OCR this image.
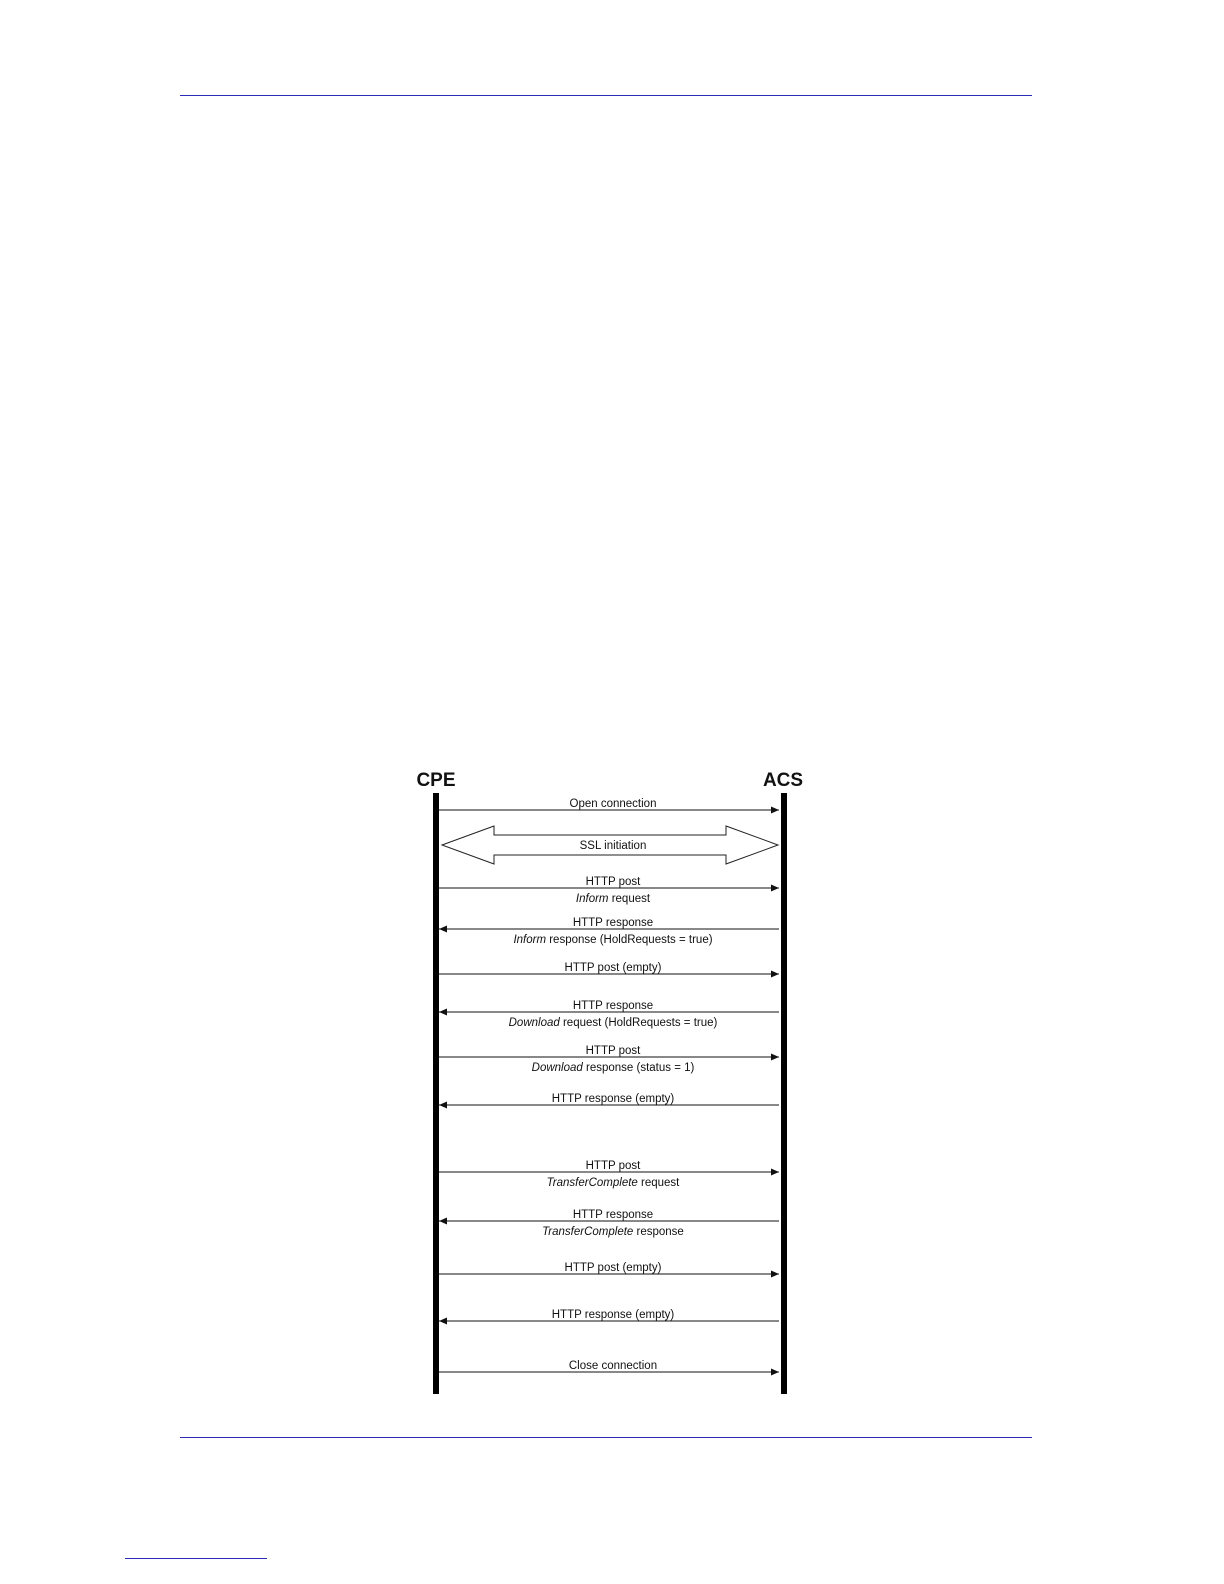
CPE	ACS
Open connection
SSL initiation
HTTP post
Inform request
HTTP response
Inform response (HoldRequests = true)
HTTP post (empty)
HTTP response
Download request (HoldRequests = true)
HTTP post
Download response (status = 1)
HTTP response (empty)
HTTP post
TransferComplete request
HTTP response
TransferComplete response
HTTP post (empty)
HTTP response (empty)
Close connection
